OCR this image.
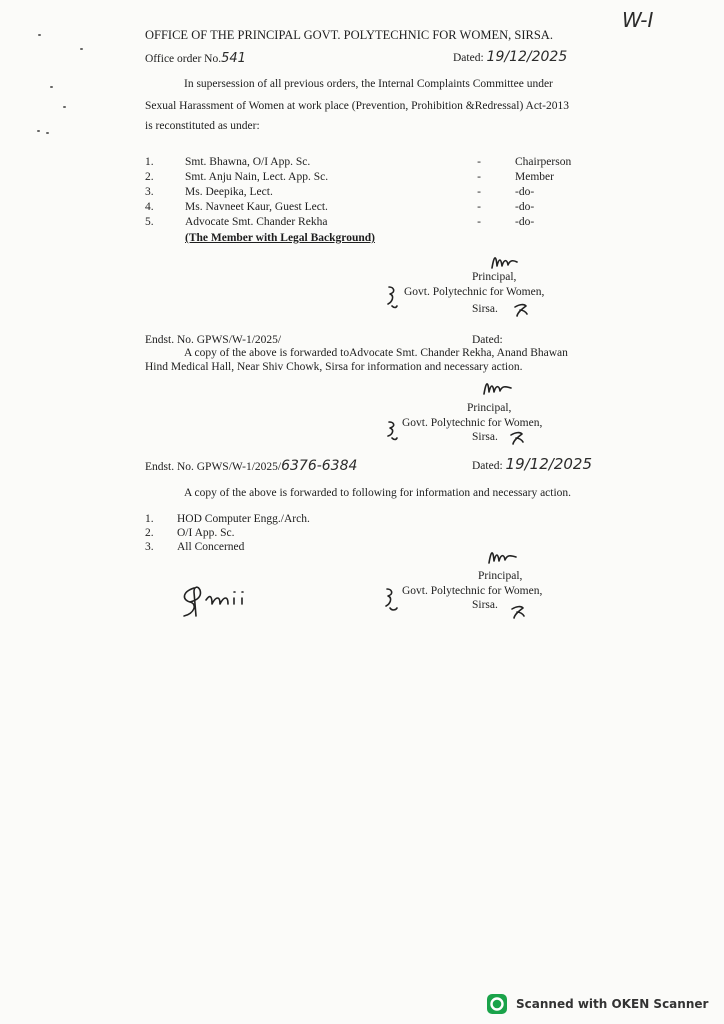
W-I
OFFICE OF THE PRINCIPAL GOVT. POLYTECHNIC FOR WOMEN, SIRSA.
Office order No.541	Dated: 19/12/2025
In supersession of all previous orders, the Internal Complaints Committee under
Sexual Harassment of Women at work place (Prevention, Prohibition &Redressal) Act-2013
is reconstituted as under:
1.	Smt. Bhawna, O/I App. Sc.	-	Chairperson
2.	Smt. Anju Nain, Lect. App. Sc.	-	Member
3.	Ms. Deepika, Lect.	-	-do-
4.	Ms. Navneet Kaur, Guest Lect.	-	-do-
5.	Advocate Smt. Chander Rekha	-	-do-
(The Member with Legal Background)
Principal,
Govt. Polytechnic for Women,
Sirsa.
Endst. No. GPWS/W-1/2025/	Dated:
A copy of the above is forwarded toAdvocate Smt. Chander Rekha, Anand Bhawan
Hind Medical Hall, Near Shiv Chowk, Sirsa for information and necessary action.
Principal,
Govt. Polytechnic for Women,
Sirsa.
Endst. No. GPWS/W-1/2025/6376-6384	Dated: 19/12/2025
A copy of the above is forwarded to following for information and necessary action.
1. HOD Computer Engg./Arch.
2. O/I App. Sc.
3. All Concerned
Principal,
Govt. Polytechnic for Women,
Sirsa.
Scanned with OKEN Scanner
